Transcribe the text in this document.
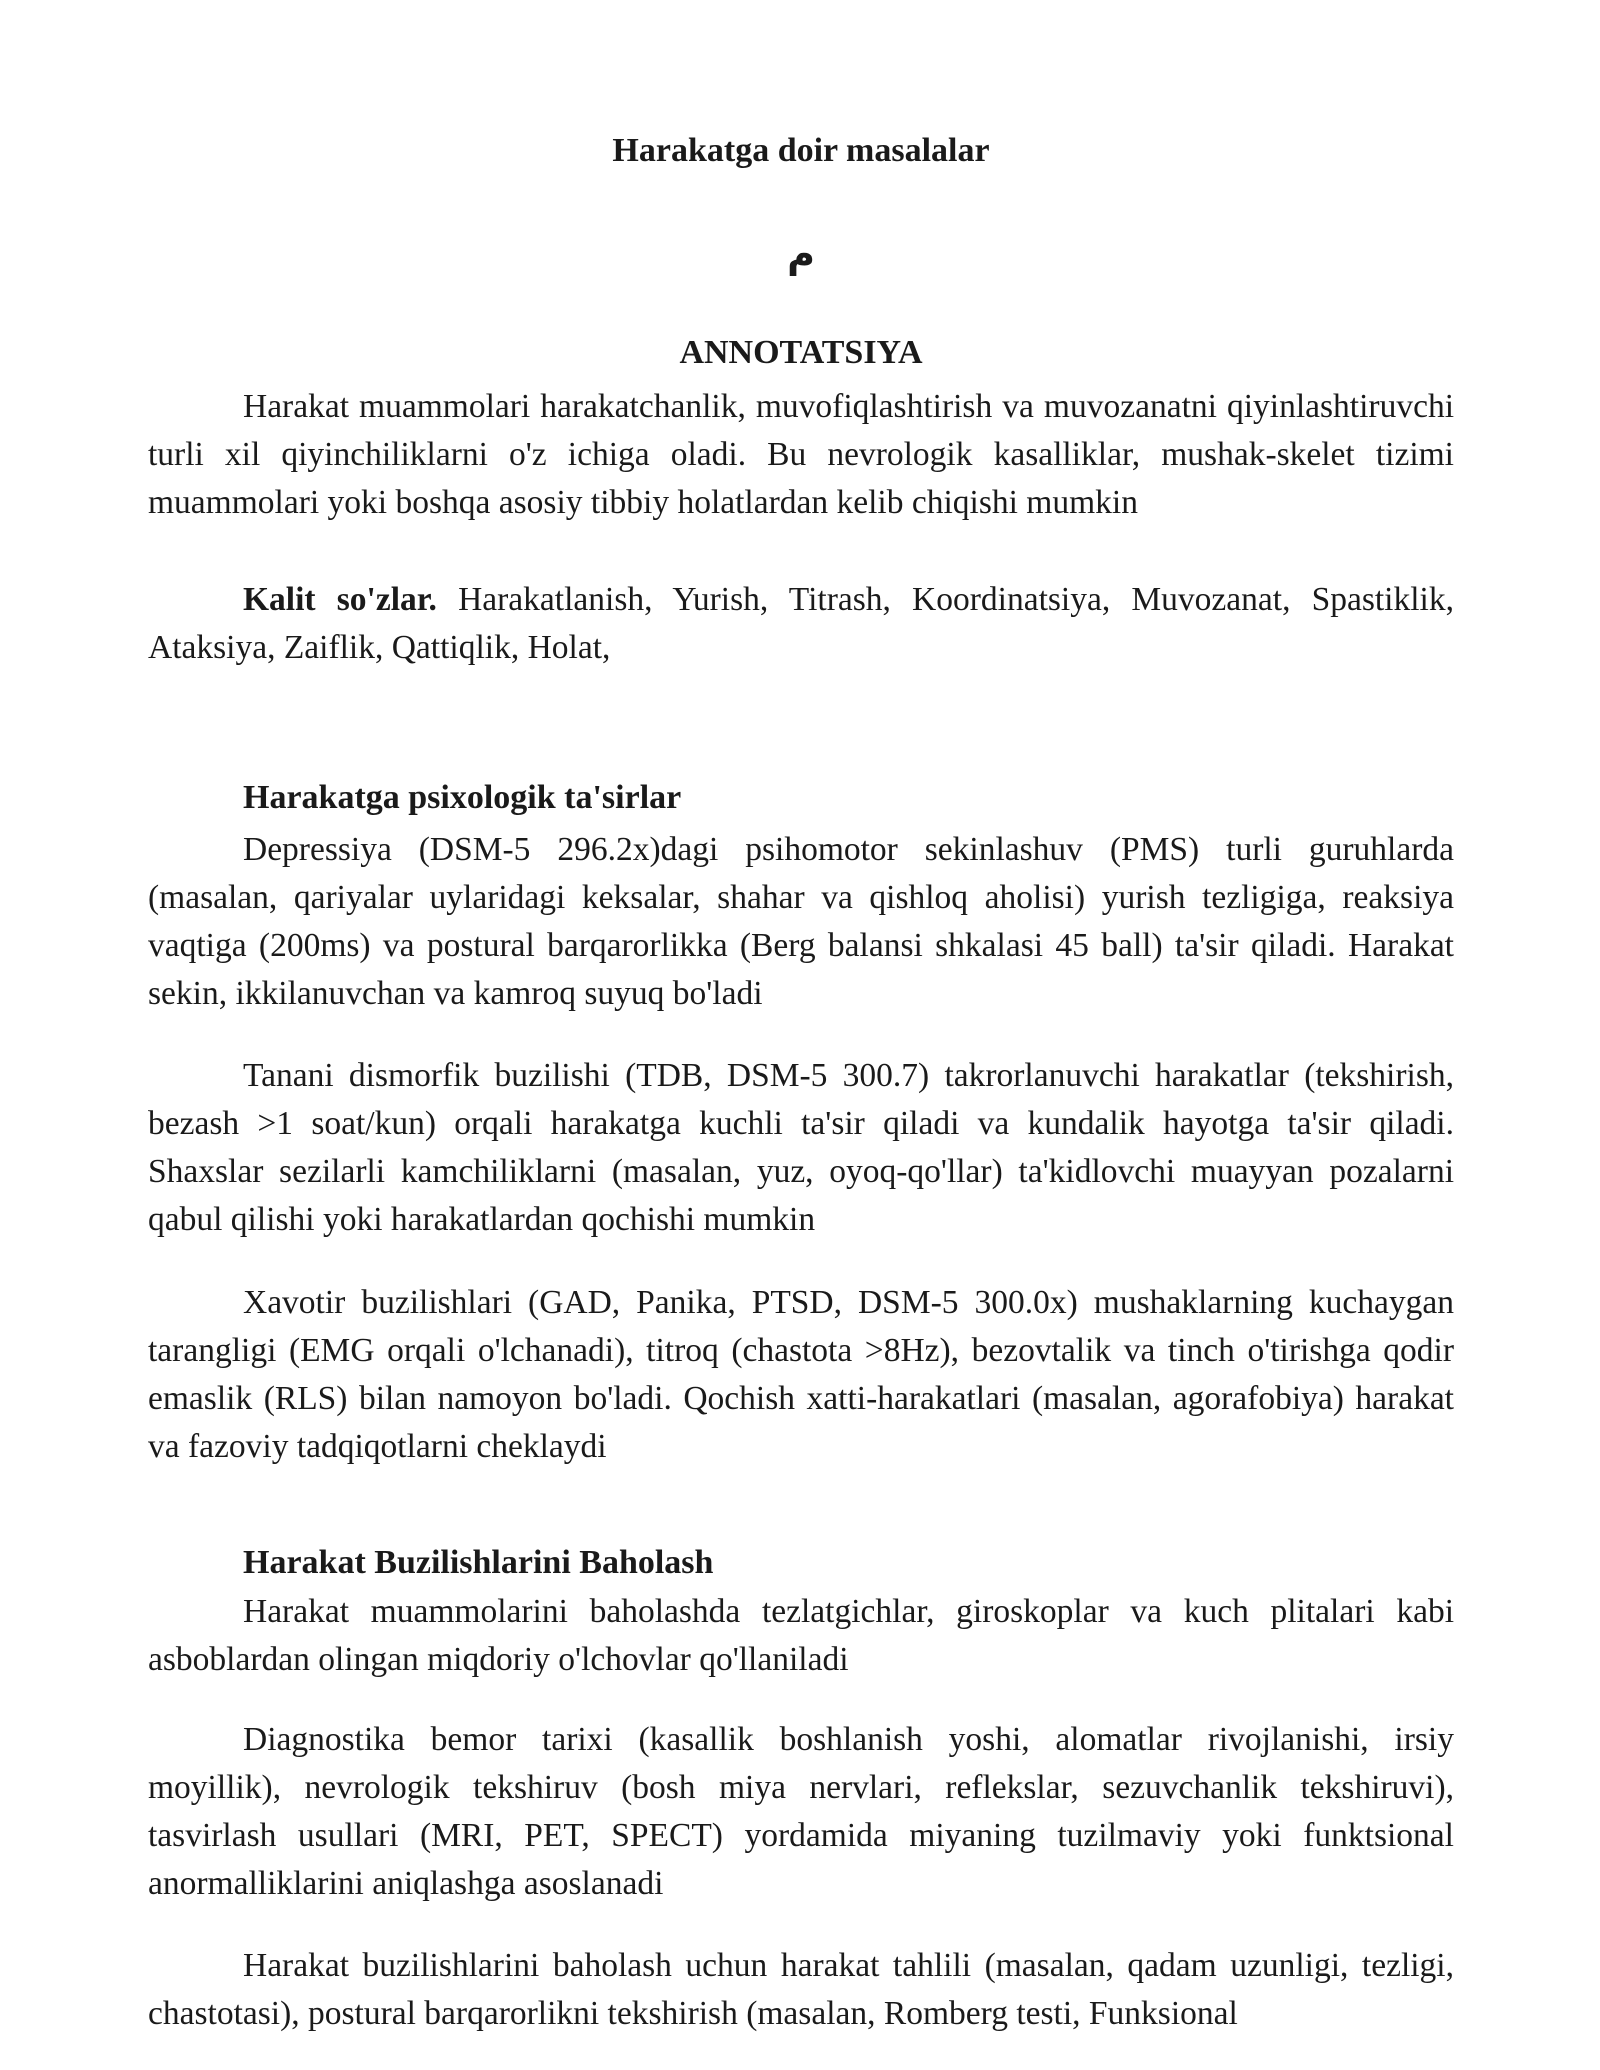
Harakatga doir masalalar
م
ANNOTATSIYA

Harakat muammolari harakatchanlik, muvofiqlashtirish va muvozanatni qiyinlashtiruvchi turli xil qiyinchiliklarni o'z ichiga oladi. Bu nevrologik kasalliklar, mushak-skelet tizimi muammolari yoki boshqa asosiy tibbiy holatlardan kelib chiqishi mumkin

Kalit so'zlar. Harakatlanish, Yurish, Titrash, Koordinatsiya, Muvozanat, Spastiklik, Ataksiya, Zaiflik, Qattiqlik, Holat,

Harakatga psixologik ta'sirlar

Depressiya (DSM-5 296.2x)dagi psihomotor sekinlashuv (PMS) turli guruhlarda (masalan, qariyalar uylaridagi keksalar, shahar va qishloq aholisi) yurish tezligiga, reaksiya vaqtiga (200ms) va postural barqarorlikka (Berg balansi shkalasi 45 ball) ta'sir qiladi. Harakat sekin, ikkilanuvchan va kamroq suyuq bo'ladi

Tanani dismorfik buzilishi (TDB, DSM-5 300.7) takrorlanuvchi harakatlar (tekshirish, bezash >1 soat/kun) orqali harakatga kuchli ta'sir qiladi va kundalik hayotga ta'sir qiladi. Shaxslar sezilarli kamchiliklarni (masalan, yuz, oyoq-qo'llar) ta'kidlovchi muayyan pozalarni qabul qilishi yoki harakatlardan qochishi mumkin

Xavotir buzilishlari (GAD, Panika, PTSD, DSM-5 300.0x) mushaklarning kuchaygan tarangligi (EMG orqali o'lchanadi), titroq (chastota >8Hz), bezovtalik va tinch o'tirishga qodir emaslik (RLS) bilan namoyon bo'ladi. Qochish xatti-harakatlari (masalan, agorafobiya) harakat va fazoviy tadqiqotlarni cheklaydi

Harakat Buzilishlarini Baholash

Harakat muammolarini baholashda tezlatgichlar, giroskoplar va kuch plitalari kabi asboblardan olingan miqdoriy o'lchovlar qo'llaniladi

Diagnostika bemor tarixi (kasallik boshlanish yoshi, alomatlar rivojlanishi, irsiy moyillik), nevrologik tekshiruv (bosh miya nervlari, reflekslar, sezuvchanlik tekshiruvi), tasvirlash usullari (MRI, PET, SPECT) yordamida miyaning tuzilmaviy yoki funktsional anormalliklarini aniqlashga asoslanadi

Harakat buzilishlarini baholash uchun harakat tahlili (masalan, qadam uzunligi, tezligi, chastotasi), postural barqarorlikni tekshirish (masalan, Romberg testi, Funksional
